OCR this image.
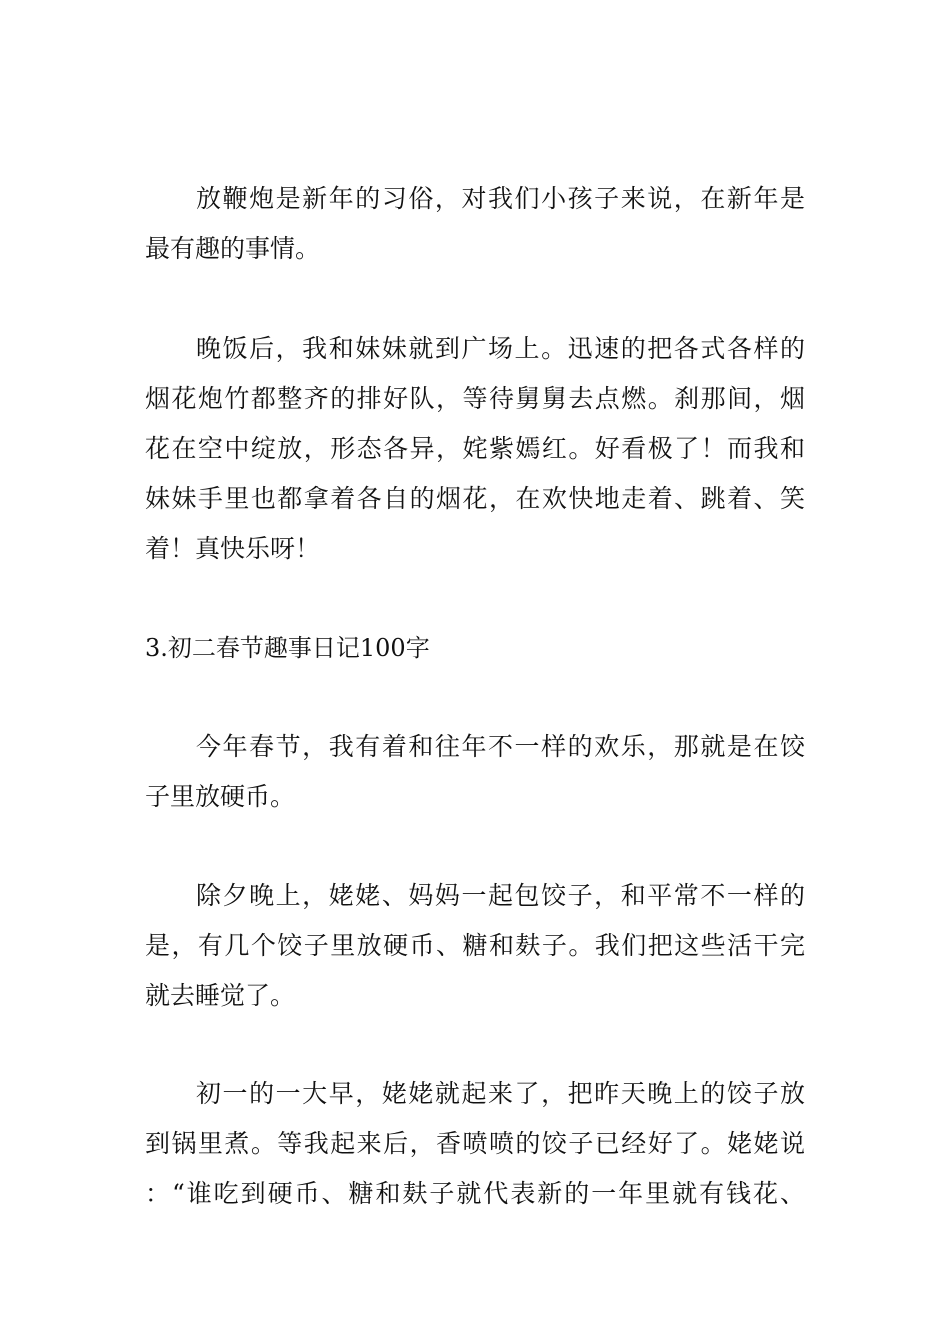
放鞭炮是新年的习俗，对我们小孩子来说，在新年是
最有趣的事情。
晚饭后，我和妹妹就到广场上。迅速的把各式各样的
烟花炮竹都整齐的排好队，等待舅舅去点燃。刹那间，烟
花在空中绽放，形态各异，姹紫嫣红。好看极了！而我和
妹妹手里也都拿着各自的烟花，在欢快地走着、跳着、笑
着！真快乐呀！
3.初二春节趣事日记100字
今年春节，我有着和往年不一样的欢乐，那就是在饺
子里放硬币。
除夕晚上，姥姥、妈妈一起包饺子，和平常不一样的
是，有几个饺子里放硬币、糖和麸子。我们把这些活干完
就去睡觉了。
初一的一大早，姥姥就起来了，把昨天晚上的饺子放
到锅里煮。等我起来后，香喷喷的饺子已经好了。姥姥说
：“谁吃到硬币、糖和麸子就代表新的一年里就有钱花、
